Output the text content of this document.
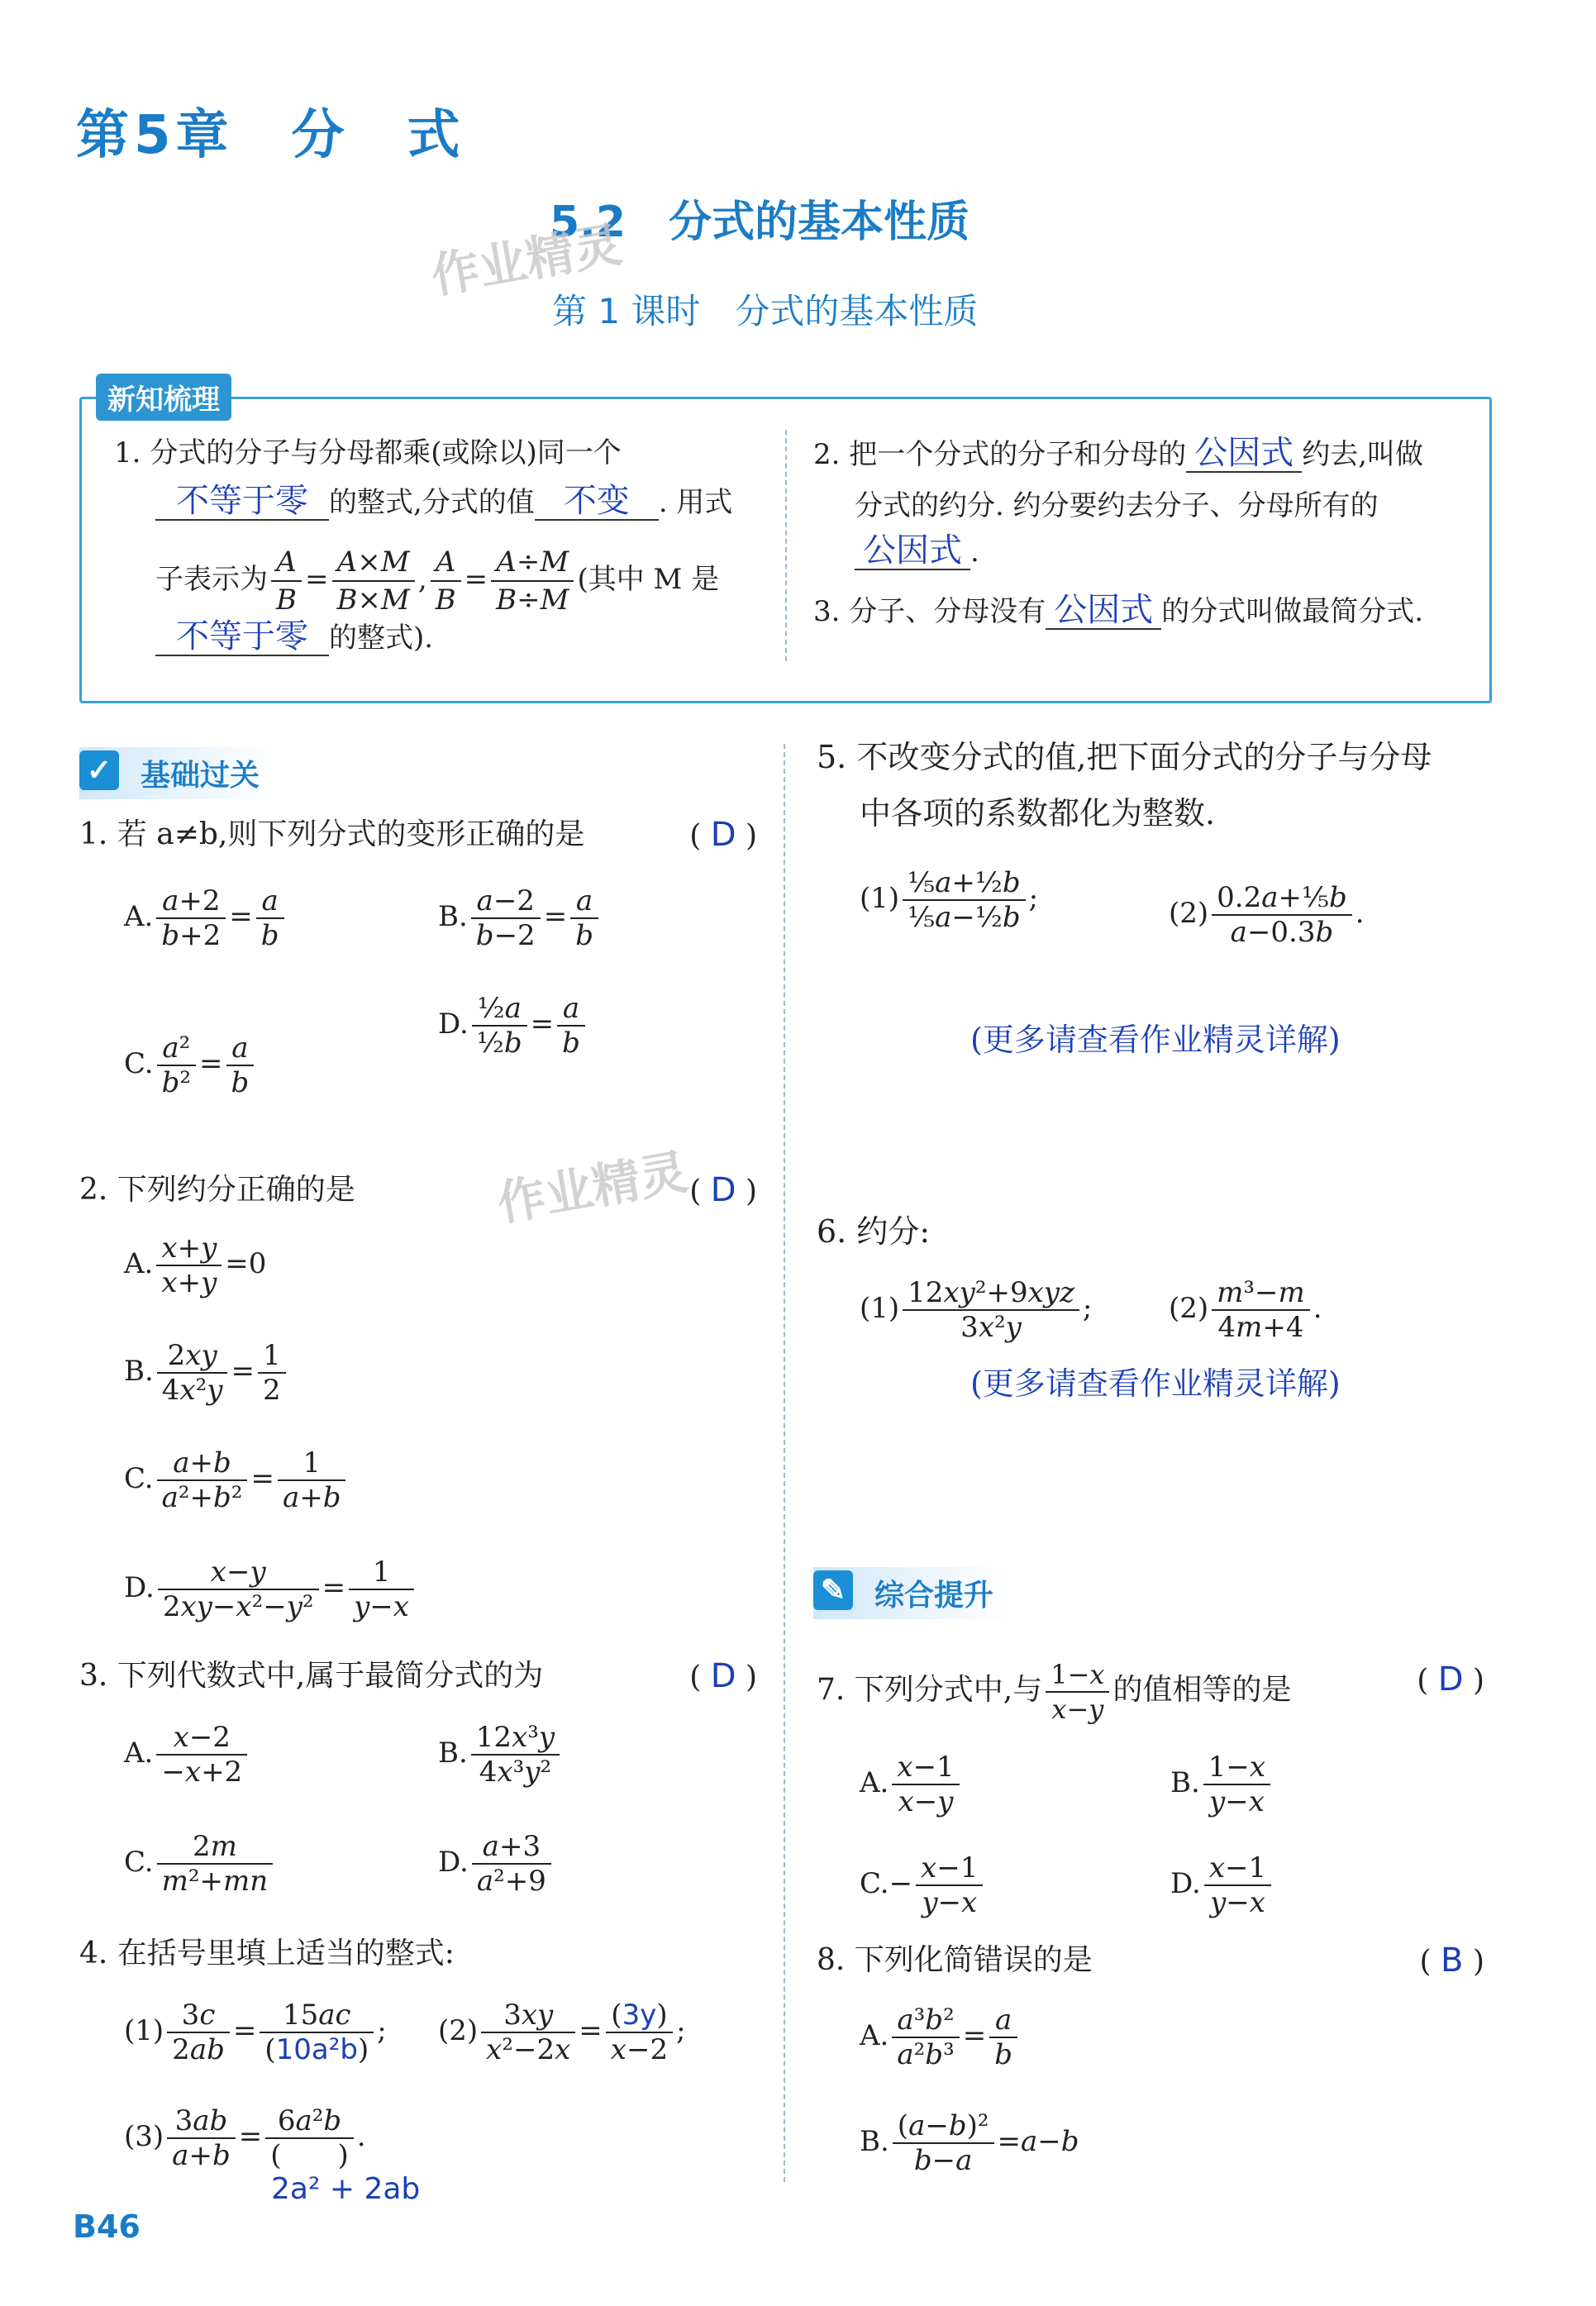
第5章　分　式
5.2　分式的基本性质
第 1 课时　分式的基本性质
作业精灵
作业精灵
新知梳理
1. 分式的分子与分母都乘(或除以)同一个
不等于零 的整式,分式的值 不变 . 用式
子表示为 $\frac{A}{B} = \frac{A\times M}{B\times M}$ , $\frac{A}{B} = \frac{A\div M}{B\div M}$ (其中 M 是
不等于零 的整式).
2. 把一个分式的分子和分母的 公因式 约去,叫做
分式的约分. 约分要约去分子、分母所有的
公因式 .
3. 分子、分母没有 公因式 的分式叫做最简分式.
✓ 基础过关
1. 若 a≠b,则下列分式的变形正确的是	( D )
A. $\frac{a+2}{b+2} = \frac{a}{b}$	B. $\frac{a-2}{b-2} = \frac{a}{b}$
C. $\frac{\text{a²}}{\text{b²}} = \frac{a}{b}$
D. $\frac{\text{½a}}{\text{½b}} = \frac{a}{b}$
2. 下列约分正确的是	( D )
A. $\frac{x+y}{x+y} =0$
B. $\frac{2xy}{\text{4x²y}} = \frac{1}{2}$
C. $\frac{a+b}{\text{a²+b²}} = \frac{1}{a+b}$
D. $\frac{x-y}{\text{2xy−x²−y²}} = \frac{1}{y-x}$
3. 下列代数式中,属于最简分式的为	( D )
A. $\frac{x-2}{-x+2}$	B. $\frac{\text{12x³y}}{\text{4x³y²}}$
C. $\frac{2m}{\text{m²+mn}}$	D. $\frac{a+3}{\text{a²+9}}$
4. 在括号里填上适当的整式:
$(1) \frac{3c}{2ab} = \frac{15ac}{\text{(10a²b)}}$ ; $(2) \frac{3xy}{\text{x²−2x}} = \frac{(3y)}{x-2}$ ;
$(3) \frac{3ab}{a+b} = \frac{\text{6a²b}}{( )}$ .
2a² + 2ab
5. 不改变分式的值,把下面分式的分子与分母
中各项的系数都化为整数.
$(1) \frac{\text{⅕a+½b}}{\text{⅕a−½b}}$ ;	$(2) \frac{\text{0.2a+⅕b}}{a-0.3b}$ .
(更多请查看作业精灵详解)
6. 约分:
$(1) \frac{\text{12xy²+9xyz}}{\text{3x²y}}$ ;	$(2) \frac{\text{m³−m}}{4m+4}$ .
(更多请查看作业精灵详解)
✎ 综合提升
7. 下列分式中,与 $\frac{1-x}{x-y}$ 的值相等的是	( D )
A. $\frac{x-1}{x-y}$	B. $\frac{1-x}{y-x}$
$C.- \frac{x-1}{y-x}$	D. $\frac{x-1}{y-x}$
8. 下列化简错误的是	( B )
A. $\frac{\text{a³b²}}{\text{a²b³}} = \frac{a}{b}$
B. $\frac{\text{(a−b)²}}{b-a} =a-b$
B46
